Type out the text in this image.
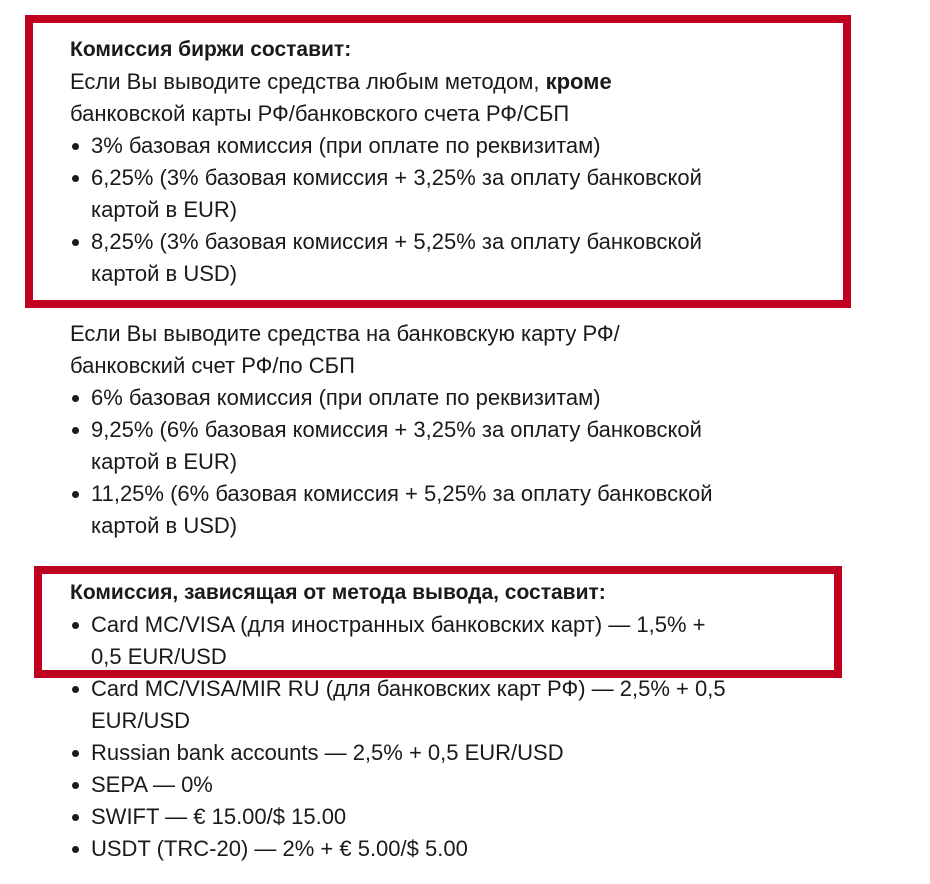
Комиссия биржи составит:

Если Вы выводите средства любым методом, кроме
банковской карты РФ/банковского счета РФ/СБП

3% базовая комиссия (при оплате по реквизитам)
6,25% (3% базовая комиссия + 3,25% за оплату банковской
картой в EUR)
8,25% (3% базовая комиссия + 5,25% за оплату банковской
картой в USD)

Если Вы выводите средства на банковскую карту РФ/
банковский счет РФ/по СБП

6% базовая комиссия (при оплате по реквизитам)
9,25% (6% базовая комиссия + 3,25% за оплату банковской
картой в EUR)
11,25% (6% базовая комиссия + 5,25% за оплату банковской
картой в USD)

Комиссия, зависящая от метода вывода, составит:

Card MC/VISA (для иностранных банковских карт) — 1,5% +
0,5 EUR/USD
Card MC/VISA/MIR RU (для банковских карт РФ) — 2,5% + 0,5
EUR/USD
Russian bank accounts — 2,5% + 0,5 EUR/USD
SEPA — 0%
SWIFT — € 15.00/$ 15.00
USDT (TRC-20) — 2% + € 5.00/$ 5.00
